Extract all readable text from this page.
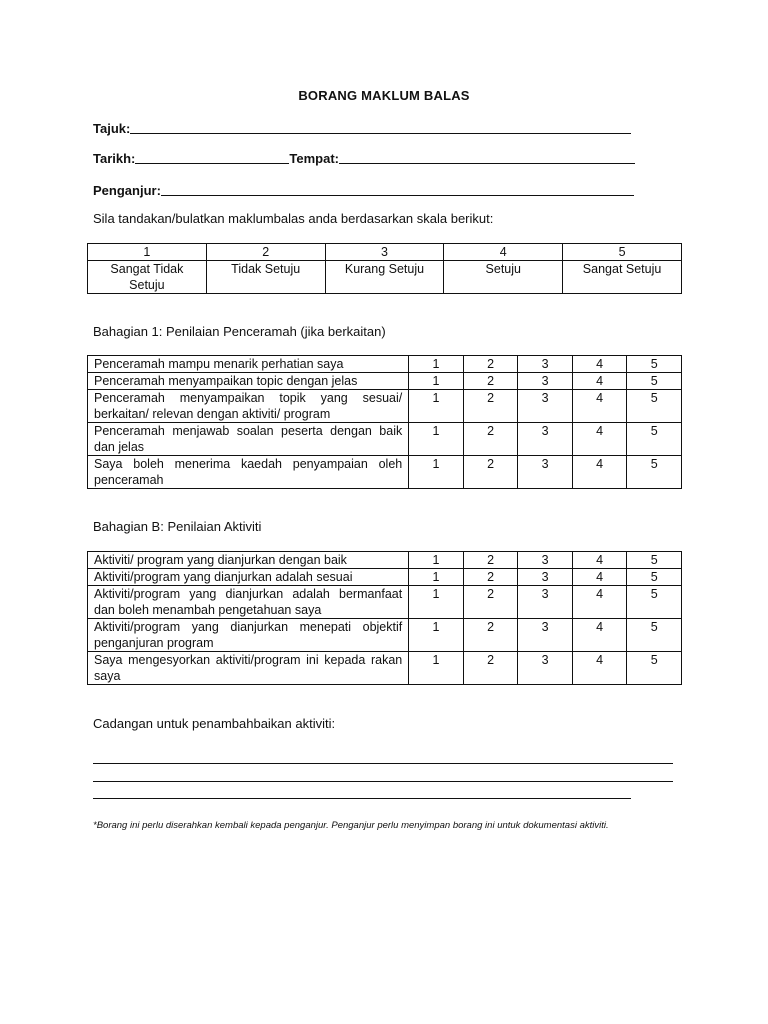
BORANG MAKLUM BALAS
Tajuk:
Tarikh:	Tempat:
Penganjur:
Sila tandakan/bulatkan maklumbalas anda berdasarkan skala berikut:
1	2	3	4	5
Sangat Tidak Setuju	Tidak Setuju	Kurang Setuju	Setuju	Sangat Setuju
Bahagian 1: Penilaian Penceramah (jika berkaitan)
Penceramah mampu menarik perhatian saya	1	2	3	4	5
Penceramah menyampaikan topic dengan jelas	1	2	3	4	5
Penceramah menyampaikan topik yang sesuai/ berkaitan/ relevan dengan aktiviti/ program	1	2	3	4	5
Penceramah menjawab soalan peserta dengan baik dan jelas	1	2	3	4	5
Saya boleh menerima kaedah penyampaian oleh penceramah	1	2	3	4	5
Bahagian B: Penilaian Aktiviti
Aktiviti/ program yang dianjurkan dengan baik	1	2	3	4	5
Aktiviti/program yang dianjurkan adalah sesuai	1	2	3	4	5
Aktiviti/program yang dianjurkan adalah bermanfaat dan boleh menambah pengetahuan saya	1	2	3	4	5
Aktiviti/program yang dianjurkan menepati objektif penganjuran program	1	2	3	4	5
Saya mengesyorkan aktiviti/program ini kepada rakan saya	1	2	3	4	5
Cadangan untuk penambahbaikan aktiviti:
*Borang ini perlu diserahkan kembali kepada penganjur. Penganjur perlu menyimpan borang ini untuk dokumentasi aktiviti.
